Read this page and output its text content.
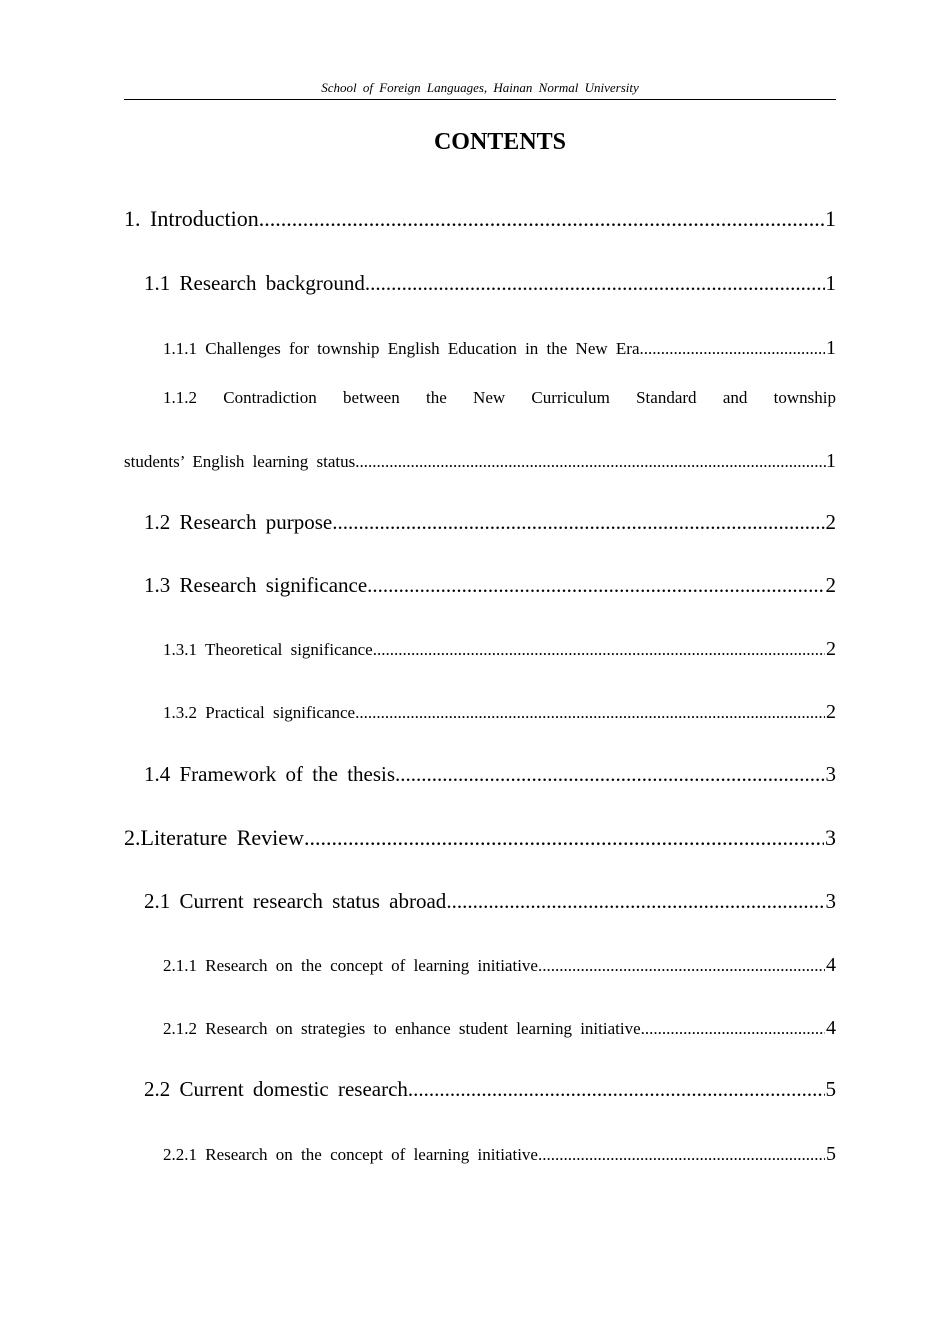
School of Foreign Languages, Hainan Normal University
CONTENTS
1. Introduction .....	1
1.1 Research background .....	1
1.1.1 Challenges for township English Education in the New Era .....	1
1.1.2 Contradiction between the New Curriculum Standard and township
students’ English learning status .....	1
1.2 Research purpose .....	2
1.3 Research significance .....	2
1.3.1 Theoretical significance .....	2
1.3.2 Practical significance .....	2
1.4 Framework of the thesis .....	3
2.Literature Review .....	3
2.1 Current research status abroad .....	3
2.1.1 Research on the concept of learning initiative .....	4
2.1.2 Research on strategies to enhance student learning initiative .....	4
2.2 Current domestic research .....	5
2.2.1 Research on the concept of learning initiative .....	5
